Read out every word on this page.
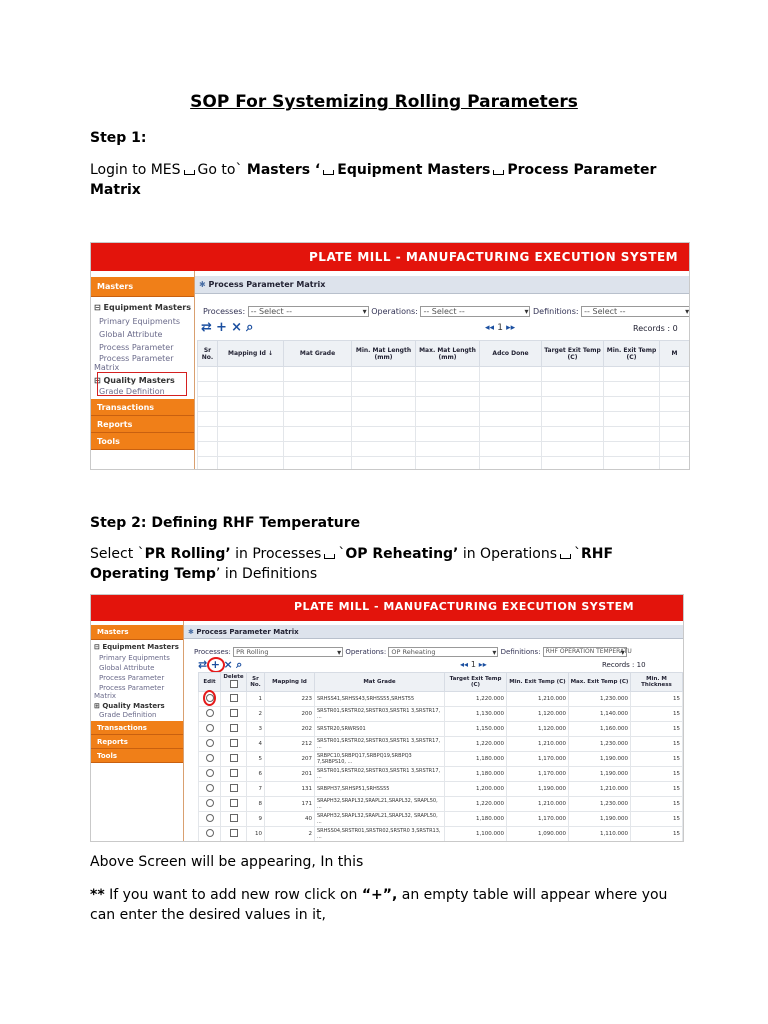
SOP For Systemizing Rolling Parameters
Step 1:
Login to MES Go to` Masters ‘ Equipment Masters Process Parameter
Matrix
PLATE MILL - MANUFACTURING EXECUTION SYSTEM
Masters
⊟ Equipment Masters
Primary Equipments
Global Attribute
Process Parameter
Process Parameter
Matrix
⊞ Quality Masters
Grade Definition
Transactions
Reports
Tools
✱ Process Parameter Matrix
Processes: -- Select -- ▾	Operations: -- Select -- ▾	Definitions: -- Select -- ▾
⇄ + × ⌕	◂◂ 1 ▸▸	Records : 0
Sr No.	Mapping Id ↓	Mat Grade	Min. Mat Length (mm)	Max. Mat Length (mm)	Adco Done	Target Exit Temp (C)	Min. Exit Temp (C)	M

Step 2: Defining RHF Temperature
Select `PR Rolling’ in Processes `OP Reheating’ in Operations `RHF
Operating Temp’ in Definitions
PLATE MILL - MANUFACTURING EXECUTION SYSTEM
Masters
⊟ Equipment Masters
Primary Equipments
Global Attribute
Process Parameter
Process Parameter
Matrix
⊞ Quality Masters
Grade Definition
Transactions
Reports
Tools
✱ Process Parameter Matrix
Processes: PR Rolling ▾	Operations: OP Reheating ▾	Definitions: RHF OPERATION TEMPERATU ▾
⇄ + × ⌕	◂◂ 1 ▸▸	Records : 10
Edit	Delete	Sr No.	Mapping Id	Mat Grade	Target Exit Temp (C)	Min. Exit Temp (C)	Max. Exit Temp (C)	Min. M Thickness
		1	223	SRHSS41,SRHSS43,SRHSS55,SRHST55	1,220.000	1,210.000	1,230.000	15
		2	200	SRSTR01,SRSTR02,SRSTR03,SRSTR1 3,SRSTR17, ...	1,130.000	1,120.000	1,140.000	15
		3	202	SRSTR20,SRWRS01	1,150.000	1,120.000	1,160.000	15
		4	212	SRSTR01,SRSTR02,SRSTR03,SRSTR1 3,SRSTR17, ...	1,220.000	1,210.000	1,230.000	15
		5	207	SRBPC10,SRBPQ17,SRBPQ19,SRBPQ3 7,SRBPS10, ...	1,180.000	1,170.000	1,190.000	15
		6	201	SRSTR01,SRSTR02,SRSTR03,SRSTR1 3,SRSTR17, ...	1,180.000	1,170.000	1,190.000	15
		7	131	SRBPH37,SRHSP51,SRHSS55	1,200.000	1,190.000	1,210.000	15
		8	171	SRAPH32,SRAPL32,SRAPL21,SRAPL32, SRAPL50, ...	1,220.000	1,210.000	1,230.000	15
		9	40	SRAPH32,SRAPL32,SRAPL21,SRAPL32, SRAPL50, ...	1,180.000	1,170.000	1,190.000	15
		10	2	SRHSS04,SRSTR01,SRSTR02,SRSTR0 3,SRSTR13, ...	1,100.000	1,090.000	1,110.000	15
Above Screen will be appearing, In this
** If you want to add new row click on “+”, an empty table will appear where you
can enter the desired values in it,
